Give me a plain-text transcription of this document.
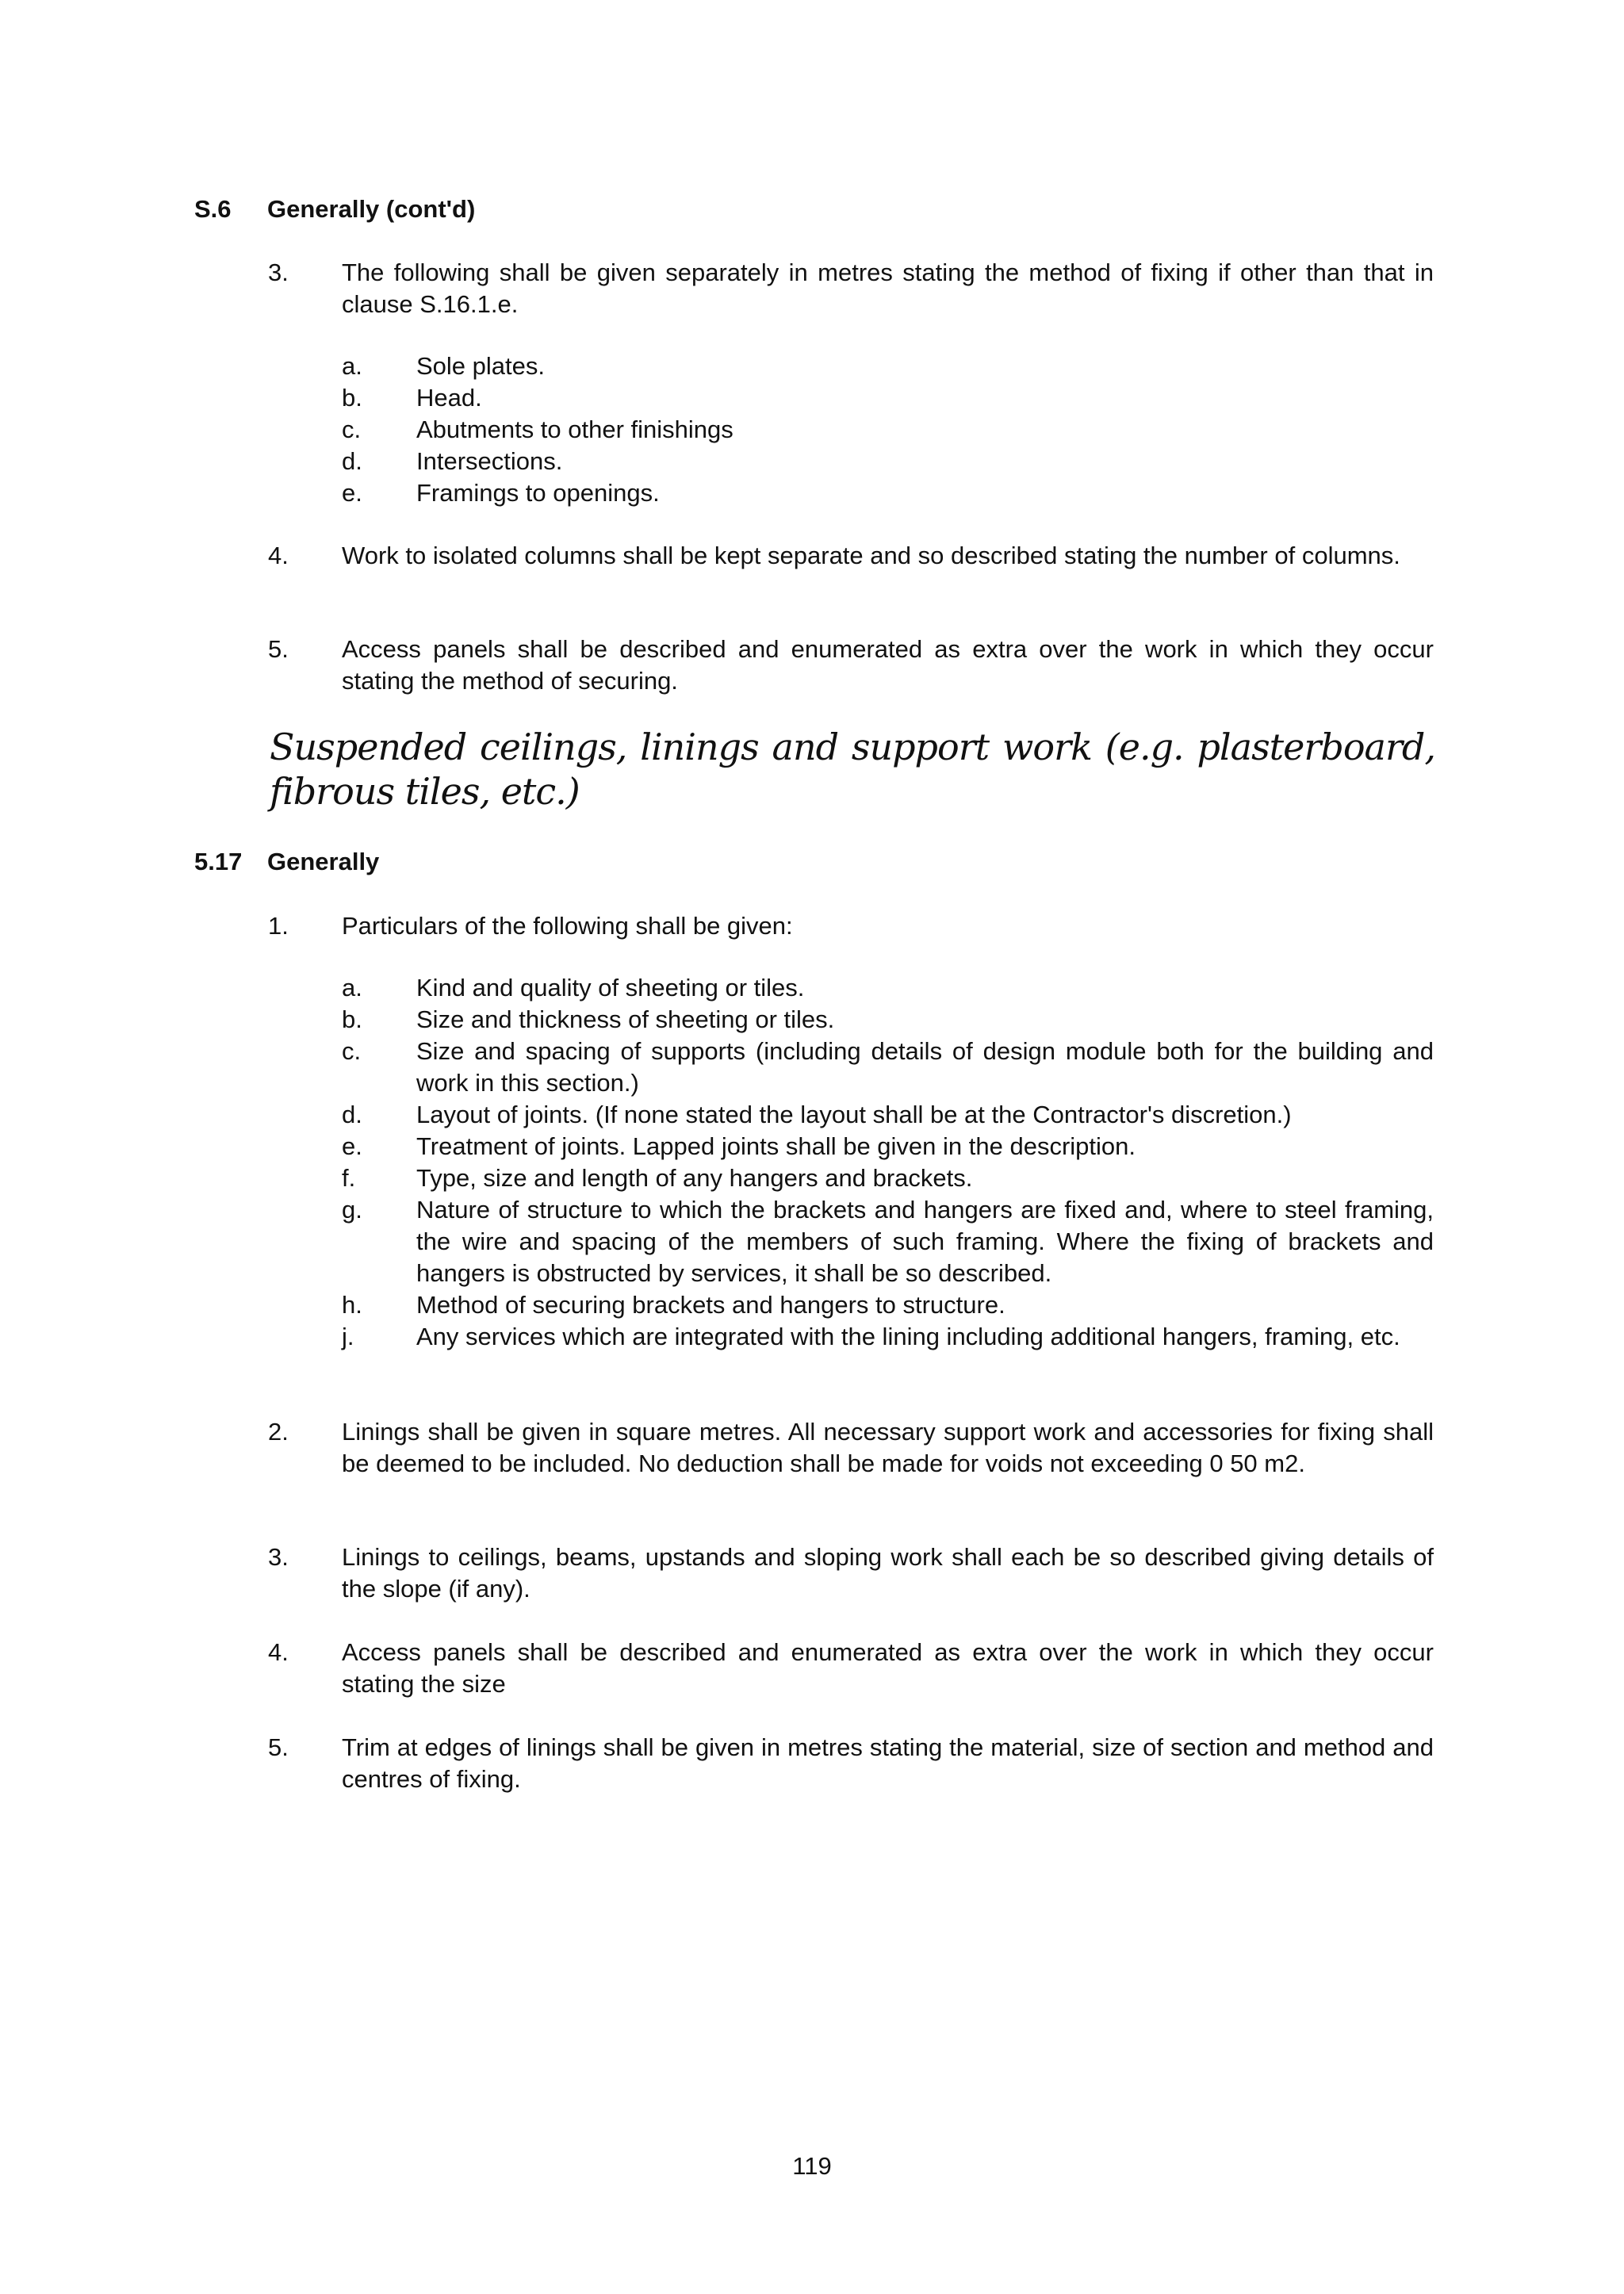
S.6 Generally (cont'd)
3. The following shall be given separately in metres stating the method of fixing if other than that in clause S.16.1.e.
a. Sole plates.
b. Head.
c. Abutments to other finishings
d. Intersections.
e. Framings to openings.
4. Work to isolated columns shall be kept separate and so described stating the number of columns.
5. Access panels shall be described and enumerated as extra over the work in which they occur stating the method of securing.
Suspended ceilings, linings and support work (e.g. plasterboard, fibrous tiles, etc.)
5.17 Generally
1. Particulars of the following shall be given:
a. Kind and quality of sheeting or tiles.
b. Size and thickness of sheeting or tiles.
c. Size and spacing of supports (including details of design module both for the building and work in this section.)
d. Layout of joints. (If none stated the layout shall be at the Contractor's discretion.)
e. Treatment of joints. Lapped joints shall be given in the description.
f. Type, size and length of any hangers and brackets.
g. Nature of structure to which the brackets and hangers are fixed and, where to steel framing, the wire and spacing of the members of such framing. Where the fixing of brackets and hangers is obstructed by services, it shall be so described.
h. Method of securing brackets and hangers to structure.
j.	Any services which are integrated with the lining including additional hangers, framing, etc.
2. Linings shall be given in square metres. All necessary support work and accessories for fixing shall be deemed to be included. No deduction shall be made for voids not exceeding 0 50 m2.
3. Linings to ceilings, beams, upstands and sloping work shall each be so described giving details of the slope (if any).
4. Access panels shall be described and enumerated as extra over the work in which they occur stating the size
5. Trim at edges of linings shall be given in metres stating the material, size of section and method and centres of fixing.
119
